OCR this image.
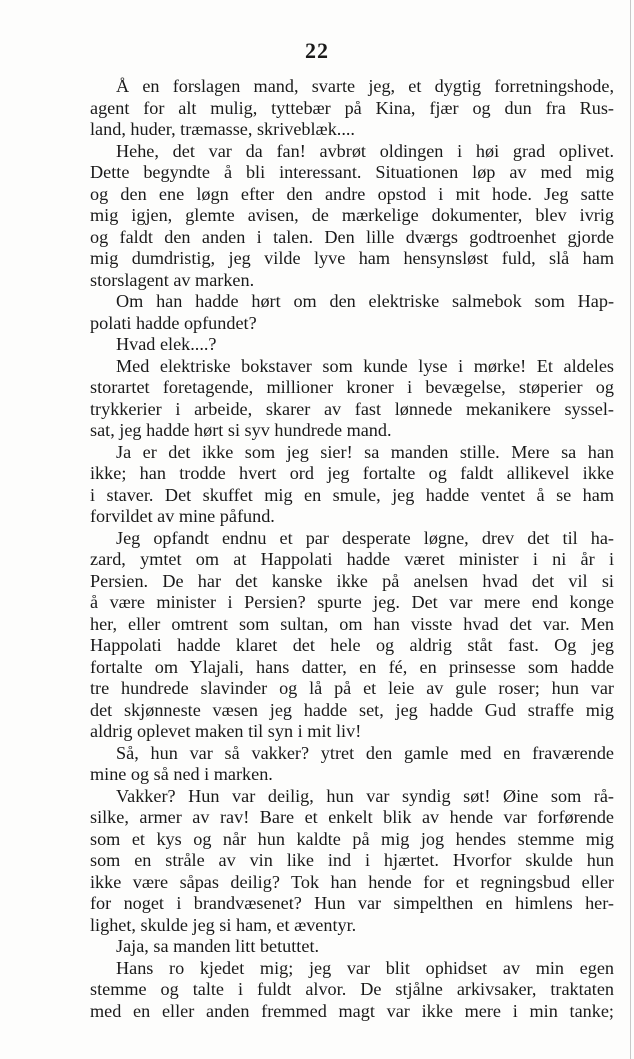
22
Å en forslagen mand, svarte jeg, et dygtig forretningshode,
agent for alt mulig, tyttebær på Kina, fjær og dun fra Rus-
land, huder, træmasse, skriveblæk....
Hehe, det var da fan! avbrøt oldingen i høi grad oplivet.
Dette begyndte å bli interessant. Situationen løp av med mig
og den ene løgn efter den andre opstod i mit hode. Jeg satte
mig igjen, glemte avisen, de mærkelige dokumenter, blev ivrig
og faldt den anden i talen. Den lille dværgs godtroenhet gjorde
mig dumdristig, jeg vilde lyve ham hensynsløst fuld, slå ham
storslagent av marken.
Om han hadde hørt om den elektriske salmebok som Hap-
polati hadde opfundet?
Hvad elek....?
Med elektriske bokstaver som kunde lyse i mørke! Et aldeles
storartet foretagende, millioner kroner i bevægelse, støperier og
trykkerier i arbeide, skarer av fast lønnede mekanikere syssel-
sat, jeg hadde hørt si syv hundrede mand.
Ja er det ikke som jeg sier! sa manden stille. Mere sa han
ikke; han trodde hvert ord jeg fortalte og faldt allikevel ikke
i staver. Det skuffet mig en smule, jeg hadde ventet å se ham
forvildet av mine påfund.
Jeg opfandt endnu et par desperate løgne, drev det til ha-
zard, ymtet om at Happolati hadde været minister i ni år i
Persien. De har det kanske ikke på anelsen hvad det vil si
å være minister i Persien? spurte jeg. Det var mere end konge
her, eller omtrent som sultan, om han visste hvad det var. Men
Happolati hadde klaret det hele og aldrig ståt fast. Og jeg
fortalte om Ylajali, hans datter, en fé, en prinsesse som hadde
tre hundrede slavinder og lå på et leie av gule roser; hun var
det skjønneste væsen jeg hadde set, jeg hadde Gud straffe mig
aldrig oplevet maken til syn i mit liv!
Så, hun var så vakker? ytret den gamle med en fraværende
mine og så ned i marken.
Vakker? Hun var deilig, hun var syndig søt! Øine som rå-
silke, armer av rav! Bare et enkelt blik av hende var forførende
som et kys og når hun kaldte på mig jog hendes stemme mig
som en stråle av vin like ind i hjærtet. Hvorfor skulde hun
ikke være såpas deilig? Tok han hende for et regningsbud eller
for noget i brandvæsenet? Hun var simpelthen en himlens her-
lighet, skulde jeg si ham, et æventyr.
Jaja, sa manden litt betuttet.
Hans ro kjedet mig; jeg var blit ophidset av min egen
stemme og talte i fuldt alvor. De stjålne arkivsaker, traktaten
med en eller anden fremmed magt var ikke mere i min tanke;
